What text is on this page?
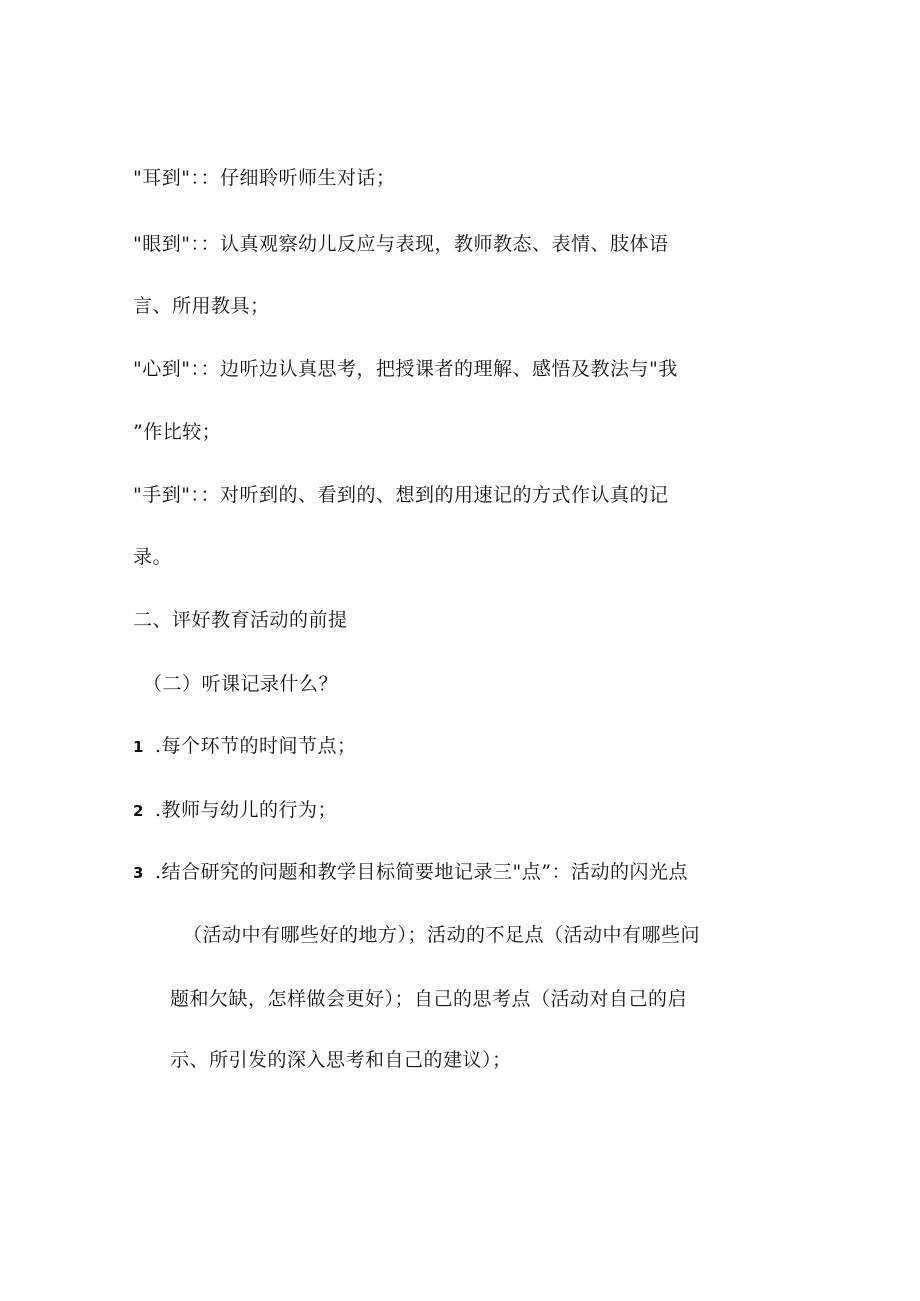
"耳到"：：仔细聆听师生对话；
"眼到"：：认真观察幼儿反应与表现，教师教态、表情、肢体语
言、所用教具；
"心到"：：边听边认真思考，把授课者的理解、感悟及教法与"我
”作比较；
"手到"：：对听到的、看到的、想到的用速记的方式作认真的记
录。
二、评好教育活动的前提
（二）听课记录什么？
1 .每个环节的时间节点；
2 .教师与幼儿的行为；
3 .结合研究的问题和教学目标简要地记录三"点”：活动的闪光点
（活动中有哪些好的地方）；活动的不足点（活动中有哪些问
题和欠缺，怎样做会更好）；自己的思考点（活动对自己的启
示、所引发的深入思考和自己的建议）；
